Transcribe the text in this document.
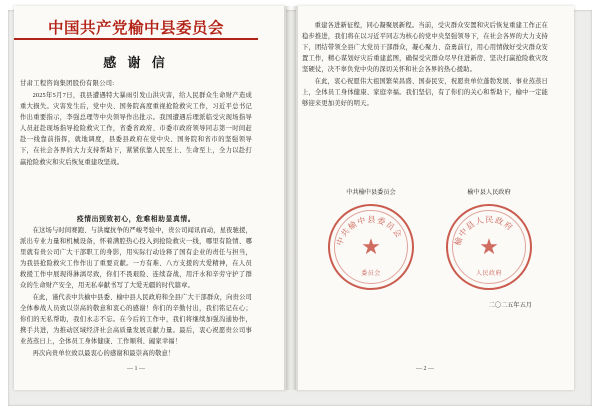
中国共产党榆中县委员会
感 谢 信
甘肃工程咨询集团股份有限公司:

2025年5月7日，我县遭遇特大暴雨引发山洪灾害，给人民群众生命财产造成重大损失。灾害发生后，党中央、国务院高度重视抢险救灾工作，习近平总书记作出重要指示，李强总理等中央领导作出批示。我国遭遇后理派临受灾现场指导人员赶赴现场指导抢险救灾工作，省委省政府、市委市政府领导同志第一时间赶赴一线靠前指挥，就地调度，县委县政府在党中央、国务院和省市的坚强领导下，在社会各界的大力支持帮助下，紧紧依靠人民至上、生命至上，全力以赴打赢抢险救灾和灾后恢复重建攻坚战。

疫情出别致初心，危难相助显真情。

在这场与时间赛跑、与洪魔抗争的严峻考验中，贵公司闻讯而动，星夜驰援，派出专业力量和机械设备，怀着满腔热心投入到抢险救灾一线，哪里有险情、哪里就有贵公司广大干部职工的身影，用实际行动诠释了国有企业的责任与担当，为我县抢险救灾工作作出了重要贡献。一方有难、八方支援的大爱精神，在人员救援工作中展现得淋漓尽致，你们不畏艰险、连续奋战，用汗水和辛劳守护了群众的生命财产安全，用无私奉献书写了大爱无疆的时代篇章。

在此，谨代表中共榆中县委、榆中县人民政府和全县广大干部群众，向贵公司全体参战人员致以崇高的敬意和衷心的感谢！你们的辛勤付出，我们铭记在心；你们的无私帮助，我们永志不忘。在今后的工作中，我们将继续加强沟通协作，携手共进，为推动区域经济社会高质量发展贡献力量。最后，衷心祝愿贵公司事业蒸蒸日上，全体员工身体健康、工作顺利、阖家幸福！

再次向贵单位致以最衷心的感谢和最崇高的敬意！

— 1 —

重建各进新征程，同心凝聚展新程。当前，受灾群众安置和灾后恢复重建工作正在稳步推进，我们将在以习近平同志为核心的党中央坚强领导下，在社会各界的大力支持下，团结带领全县广大党员干部群众，凝心聚力、奋勇前行，用心用情做好受灾群众安置工作，精心谋划好灾后重建蓝图，确保受灾群众尽早住进新房、坚决打赢抢险救灾攻坚硬仗，决不辜负党中央的深切关怀和社会各界的热心援助。

在此，衷心祝愿伟大祖国繁荣昌盛、国泰民安，祝愿贵单位蓬勃发展、事业蒸蒸日上，全体员工身体健康、家庭幸福。我们坚信，有了你们的关心和帮助下，榆中一定能够迎来更加美好的明天。

中共榆中县委员会	榆中县人民政府
中共榆中县委员会
★
委员会
榆中县人民政府
★
人民政府
二〇二五年五月
— 2 —
